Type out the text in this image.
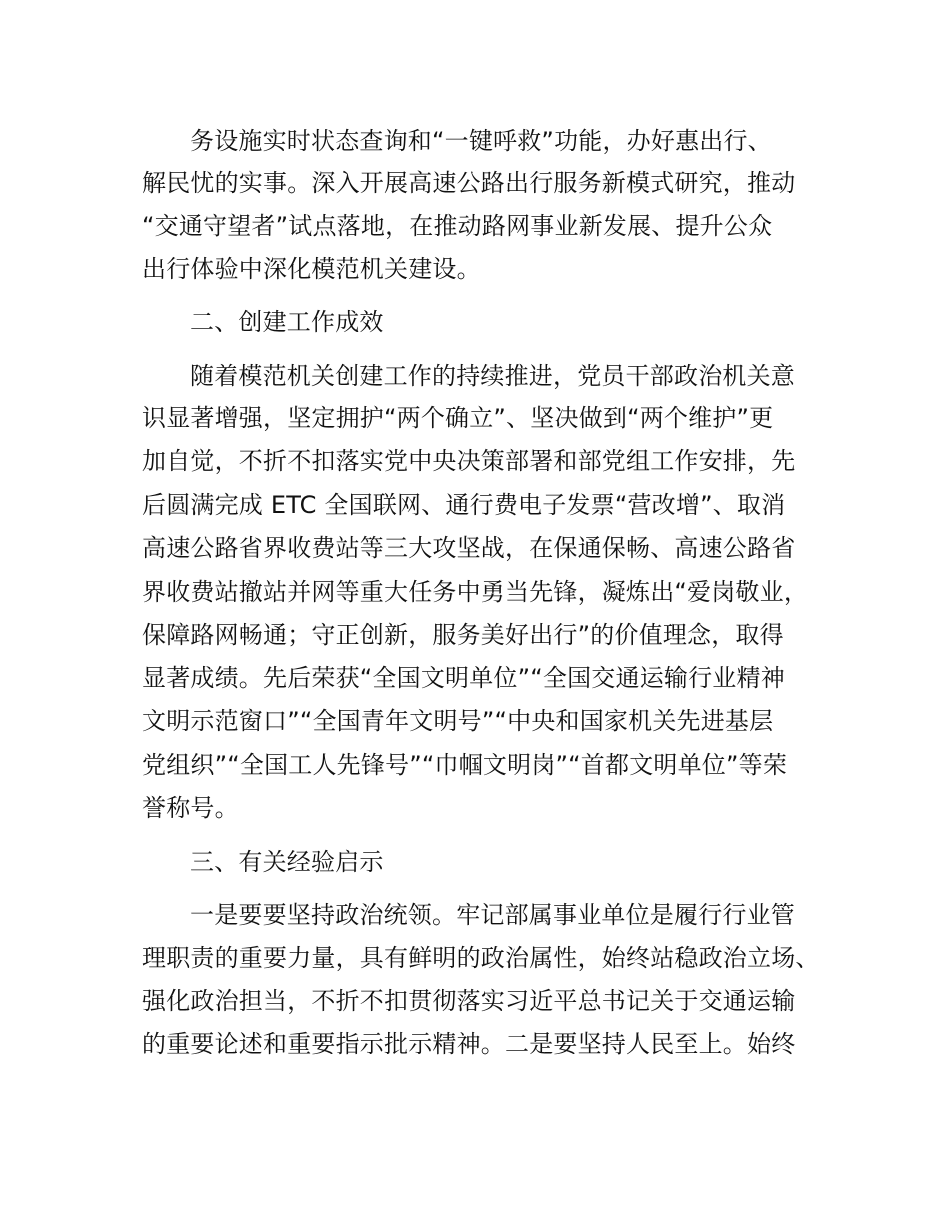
务设施实时状态查询和“一键呼救”功能，办好惠出行、
解民忧的实事。深入开展高速公路出行服务新模式研究，推动
“交通守望者”试点落地，在推动路网事业新发展、提升公众
出行体验中深化模范机关建设。
二、创建工作成效
随着模范机关创建工作的持续推进，党员干部政治机关意
识显著增强，坚定拥护“两个确立”、坚决做到“两个维护”更
加自觉，不折不扣落实党中央决策部署和部党组工作安排，先
后圆满完成 ETC 全国联网、通行费电子发票“营改增”、取消
高速公路省界收费站等三大攻坚战，在保通保畅、高速公路省
界收费站撤站并网等重大任务中勇当先锋，凝炼出“爱岗敬业，
保障路网畅通；守正创新，服务美好出行”的价值理念，取得
显著成绩。先后荣获“全国文明单位”“全国交通运输行业精神
文明示范窗口”“全国青年文明号”“中央和国家机关先进基层
党组织”“全国工人先锋号”“巾帼文明岗”“首都文明单位”等荣
誉称号。
三、有关经验启示
一是要要坚持政治统领。牢记部属事业单位是履行行业管
理职责的重要力量，具有鲜明的政治属性，始终站稳政治立场、
强化政治担当，不折不扣贯彻落实习近平总书记关于交通运输
的重要论述和重要指示批示精神。二是要坚持人民至上。始终
